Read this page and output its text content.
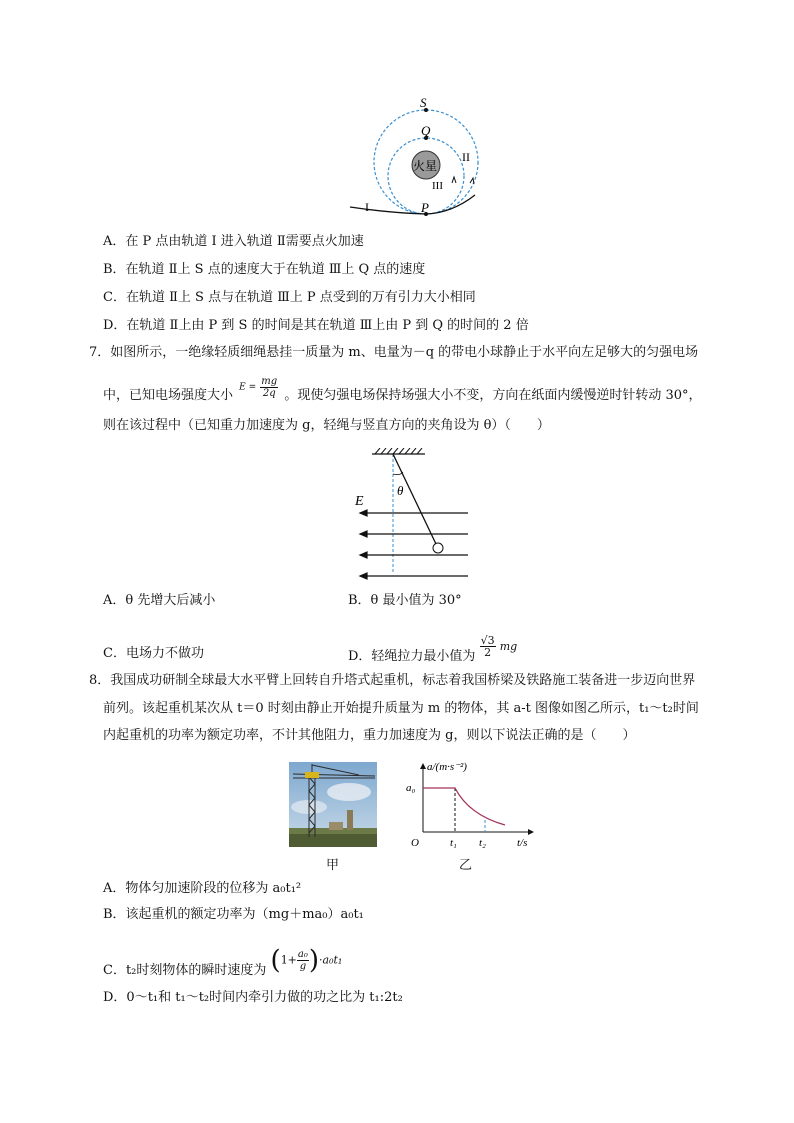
S
Q
火星
II
III
I	P
A．在 P 点由轨道 I 进入轨道 Ⅱ需要点火加速
B．在轨道 Ⅱ上 S 点的速度大于在轨道 Ⅲ上 Q 点的速度
C．在轨道 Ⅱ上 S 点与在轨道 Ⅲ上 P 点受到的万有引力大小相同
D．在轨道 Ⅱ上由 P 到 S 的时间是其在轨道 Ⅲ上由 P 到 Q 的时间的 2 倍
7．如图所示，一绝缘轻质细绳悬挂一质量为 m、电量为－q 的带电小球静止于水平向左足够大的匀强电场
中，已知电场强度大小 $E = \frac{mg}{2q}$ 。现使匀强电场保持场强大小不变，方向在纸面内缓慢逆时针转动 30°，
则在该过程中（已知重力加速度为 g，轻绳与竖直方向的夹角设为 θ）（　　）
E
θ
A．θ 先增大后减小	B．θ 最小值为 30°
C．电场力不做功	D．轻绳拉力最小值为 $\frac{√3}{2} ^{mg}$
8．我国成功研制全球最大水平臂上回转自升塔式起重机，标志着我国桥梁及铁路施工装备进一步迈向世界
前列。该起重机某次从 t＝0 时刻由静止开始提升质量为 m 的物体，其 a-t 图像如图乙所示，t₁～t₂时间
内起重机的功率为额定功率，不计其他阻力，重力加速度为 g，则以下说法正确的是（　　）
甲
a/(m·s⁻²)
a₀
O	t₁ t₂	t/s
乙
A．物体匀加速阶段的位移为 a₀t₁²
B．该起重机的额定功率为（mg＋ma₀）a₀t₁
C．t₂时刻物体的瞬时速度为 $(1+ \frac{\text{a₀}}{g} )\cdot a_0t_1$
D．0～t₁和 t₁～t₂时间内牵引力做的功之比为 t₁:2t₂
